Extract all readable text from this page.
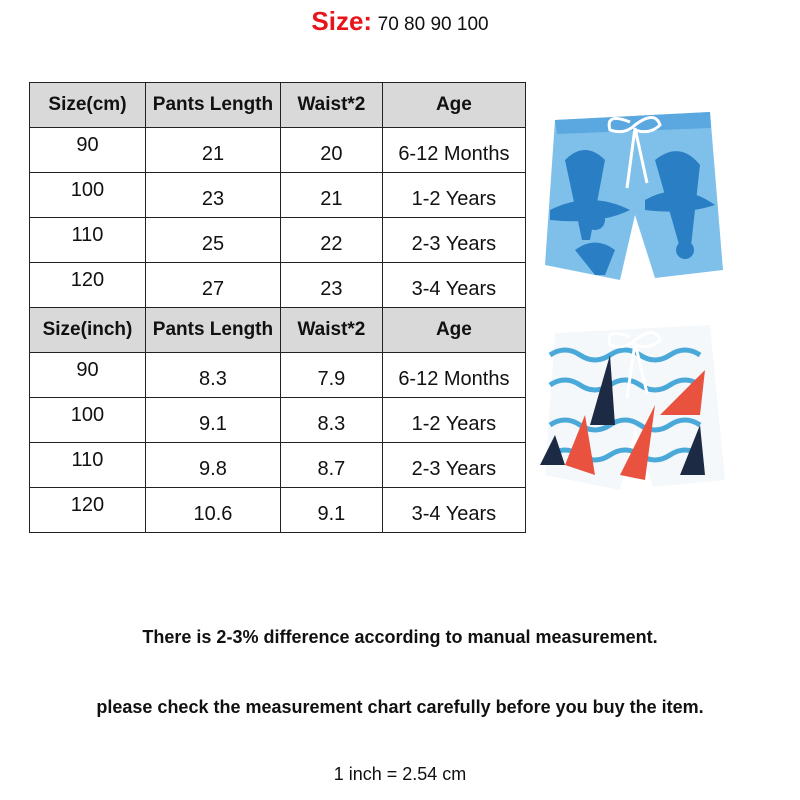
Size: 70 80 90 100
Size(cm)	Pants Length	Waist*2	Age
90	21	20	6-12 Months
100	23	21	1-2 Years
110	25	22	2-3 Years
120	27	23	3-4 Years
Size(inch)	Pants Length	Waist*2	Age
90	8.3	7.9	6-12 Months
100	9.1	8.3	1-2 Years
110	9.8	8.7	2-3 Years
120	10.6	9.1	3-4 Years
There is 2-3% difference according to manual measurement.
please check the measurement chart carefully before you buy the item.
1 inch = 2.54 cm
